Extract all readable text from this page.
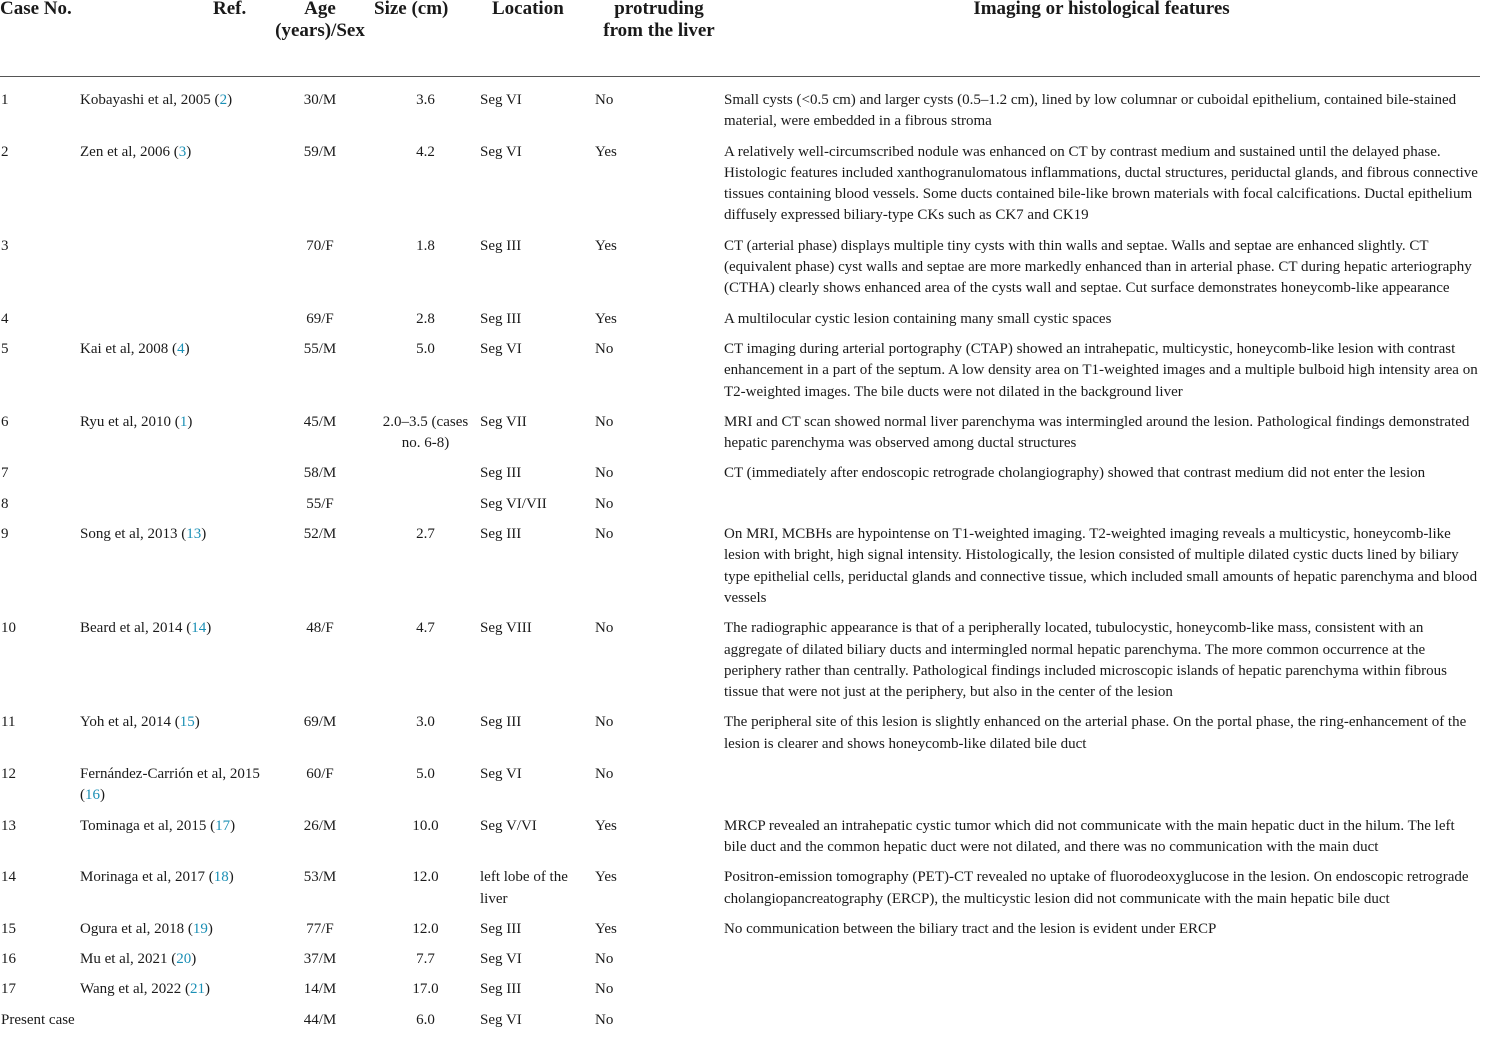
Case No.	Ref.	Age (years)/Sex	Size (cm)	Location	protruding from the liver	Imaging or histological features
1	Kobayashi et al, 2005 (2)	30/M	3.6	Seg VI	No	Small cysts (<0.5 cm) and larger cysts (0.5–1.2 cm), lined by low columnar or cuboidal epithelium, contained bile-stained material, were embedded in a fibrous stroma
2	Zen et al, 2006 (3)	59/M	4.2	Seg VI	Yes	A relatively well-circumscribed nodule was enhanced on CT by contrast medium and sustained until the delayed phase. Histologic features included xanthogranulomatous inflammations, ductal structures, periductal glands, and fibrous connective tissues containing blood vessels. Some ducts contained bile-like brown materials with focal calcifications. Ductal epithelium diffusely expressed biliary-type CKs such as CK7 and CK19
3		70/F	1.8	Seg III	Yes	CT (arterial phase) displays multiple tiny cysts with thin walls and septae. Walls and septae are enhanced slightly. CT (equivalent phase) cyst walls and septae are more markedly enhanced than in arterial phase. CT during hepatic arteriography (CTHA) clearly shows enhanced area of the cysts wall and septae. Cut surface demonstrates honeycomb-like appearance
4		69/F	2.8	Seg III	Yes	A multilocular cystic lesion containing many small cystic spaces
5	Kai et al, 2008 (4)	55/M	5.0	Seg VI	No	CT imaging during arterial portography (CTAP) showed an intrahepatic, multicystic, honeycomb-like lesion with contrast enhancement in a part of the septum. A low density area on T1-weighted images and a multiple bulboid high intensity area on T2-weighted images. The bile ducts were not dilated in the background liver
6	Ryu et al, 2010 (1)	45/M	2.0–3.5 (cases no. 6-8)	Seg VII	No	MRI and CT scan showed normal liver parenchyma was intermingled around the lesion. Pathological findings demonstrated hepatic parenchyma was observed among ductal structures
7		58/M		Seg III	No	CT (immediately after endoscopic retrograde cholangiography) showed that contrast medium did not enter the lesion
8		55/F		Seg VI/VII	No	
9	Song et al, 2013 (13)	52/M	2.7	Seg III	No	On MRI, MCBHs are hypointense on T1-weighted imaging. T2-weighted imaging reveals a multicystic, honeycomb-like lesion with bright, high signal intensity. Histologically, the lesion consisted of multiple dilated cystic ducts lined by biliary type epithelial cells, periductal glands and connective tissue, which included small amounts of hepatic parenchyma and blood vessels
10	Beard et al, 2014 (14)	48/F	4.7	Seg VIII	No	The radiographic appearance is that of a peripherally located, tubulocystic, honeycomb-like mass, consistent with an aggregate of dilated biliary ducts and intermingled normal hepatic parenchyma. The more common occurrence at the periphery rather than centrally. Pathological findings included microscopic islands of hepatic parenchyma within fibrous tissue that were not just at the periphery, but also in the center of the lesion
11	Yoh et al, 2014 (15)	69/M	3.0	Seg III	No	The peripheral site of this lesion is slightly enhanced on the arterial phase. On the portal phase, the ring-enhancement of the lesion is clearer and shows honeycomb-like dilated bile duct
12	Fernández-Carrión et al, 2015 (16)	60/F	5.0	Seg VI	No	
13	Tominaga et al, 2015 (17)	26/M	10.0	Seg V/VI	Yes	MRCP revealed an intrahepatic cystic tumor which did not communicate with the main hepatic duct in the hilum. The left bile duct and the common hepatic duct were not dilated, and there was no communication with the main duct
14	Morinaga et al, 2017 (18)	53/M	12.0	left lobe of the liver	Yes	Positron-emission tomography (PET)-CT revealed no uptake of fluorodeoxyglucose in the lesion. On endoscopic retrograde cholangiopancreatography (ERCP), the multicystic lesion did not communicate with the main hepatic bile duct
15	Ogura et al, 2018 (19)	77/F	12.0	Seg III	Yes	No communication between the biliary tract and the lesion is evident under ERCP
16	Mu et al, 2021 (20)	37/M	7.7	Seg VI	No	
17	Wang et al, 2022 (21)	14/M	17.0	Seg III	No	
Present case		44/M	6.0	Seg VI	No	
